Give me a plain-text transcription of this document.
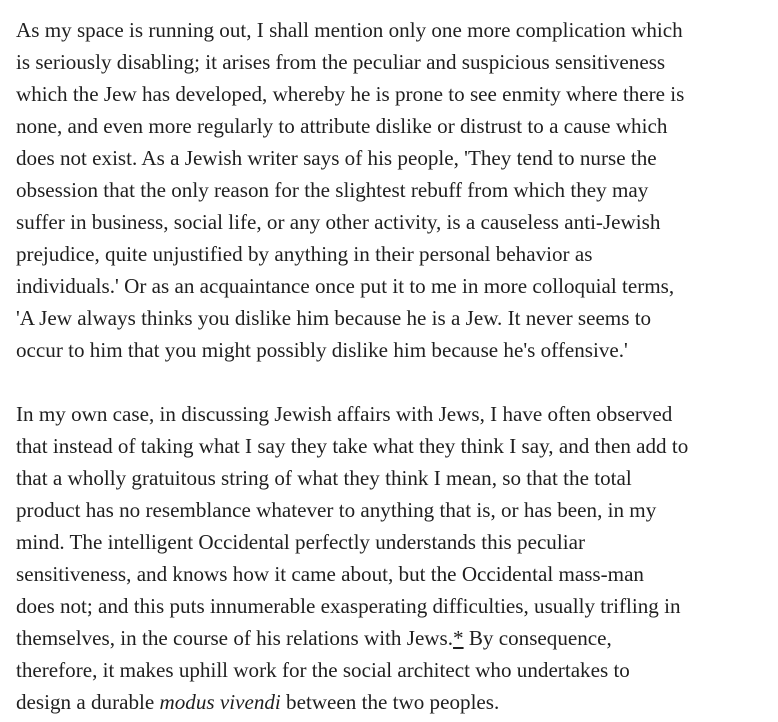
As my space is running out, I shall mention only one more complication which
is seriously disabling; it arises from the peculiar and suspicious sensitiveness
which the Jew has developed, whereby he is prone to see enmity where there is
none, and even more regularly to attribute dislike or distrust to a cause which
does not exist. As a Jewish writer says of his people, 'They tend to nurse the
obsession that the only reason for the slightest rebuff from which they may
suffer in business, social life, or any other activity, is a causeless anti-Jewish
prejudice, quite unjustified by anything in their personal behavior as
individuals.' Or as an acquaintance once put it to me in more colloquial terms,
'A Jew always thinks you dislike him because he is a Jew. It never seems to
occur to him that you might possibly dislike him because he's offensive.'

In my own case, in discussing Jewish affairs with Jews, I have often observed
that instead of taking what I say they take what they think I say, and then add to
that a wholly gratuitous string of what they think I mean, so that the total
product has no resemblance whatever to anything that is, or has been, in my
mind. The intelligent Occidental perfectly understands this peculiar
sensitiveness, and knows how it came about, but the Occidental mass-man
does not; and this puts innumerable exasperating difficulties, usually trifling in
themselves, in the course of his relations with Jews.* By consequence,
therefore, it makes uphill work for the social architect who undertakes to
design a durable modus vivendi between the two peoples.
